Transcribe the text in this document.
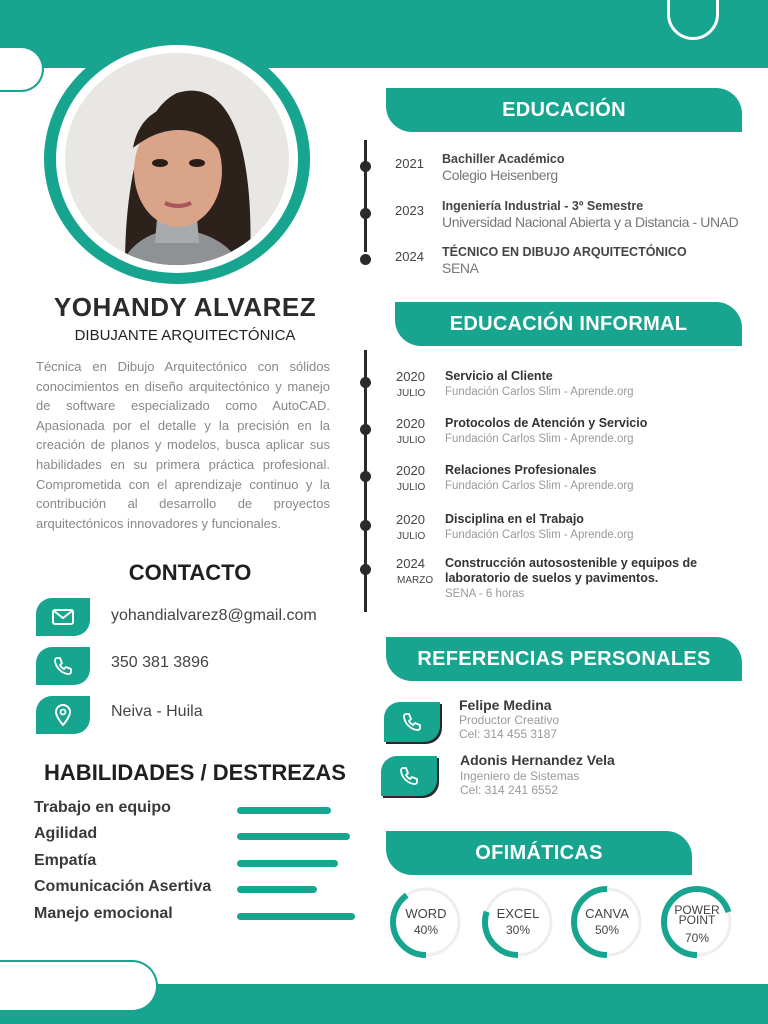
YOHANDY ALVAREZ
DIBUJANTE ARQUITECTÓNICA
Técnica en Dibujo Arquitectónico con sólidos conocimientos en diseño arquitectónico y manejo de software especializado como AutoCAD. Apasionada por el detalle y la precisión en la creación de planos y modelos, busca aplicar sus habilidades en su primera práctica profesional. Comprometida con el aprendizaje continuo y la contribución al desarrollo de proyectos arquitectónicos innovadores y funcionales.
CONTACTO
yohandialvarez8@gmail.com
350 381 3896
Neiva - Huila
HABILIDADES / DESTREZAS
Trabajo en equipo
Agilidad
Empatía
Comunicación Asertiva
Manejo emocional
EDUCACIÓN
2021 Bachiller Académico
Colegio Heisenberg
2023 Ingeniería Industrial - 3º Semestre
Universidad Nacional Abierta y a Distancia - UNAD
2024 TÉCNICO EN DIBUJO ARQUITECTÓNICO
SENA
EDUCACIÓN INFORMAL
2020
JULIO
Servicio al Cliente
Fundación Carlos Slim - Aprende.org
2020
JULIO
Protocolos de Atención y Servicio
Fundación Carlos Slim - Aprende.org
2020
JULIO
Relaciones Profesionales
Fundación Carlos Slim - Aprende.org
2020
JULIO
Disciplina en el Trabajo
Fundación Carlos Slim - Aprende.org
2024
MARZO
Construcción autosostenible y equipos de laboratorio de suelos y pavimentos.
SENA - 6 horas
REFERENCIAS PERSONALES
Felipe Medina
Productor Creativo
Cel: 314 455 3187
Adonis Hernandez Vela
Ingeniero de Sistemas
Cel: 314 241 6552
OFIMÁTICAS
WORD
40%
EXCEL
30%
CANVA
50%
POWER POINT
70%
